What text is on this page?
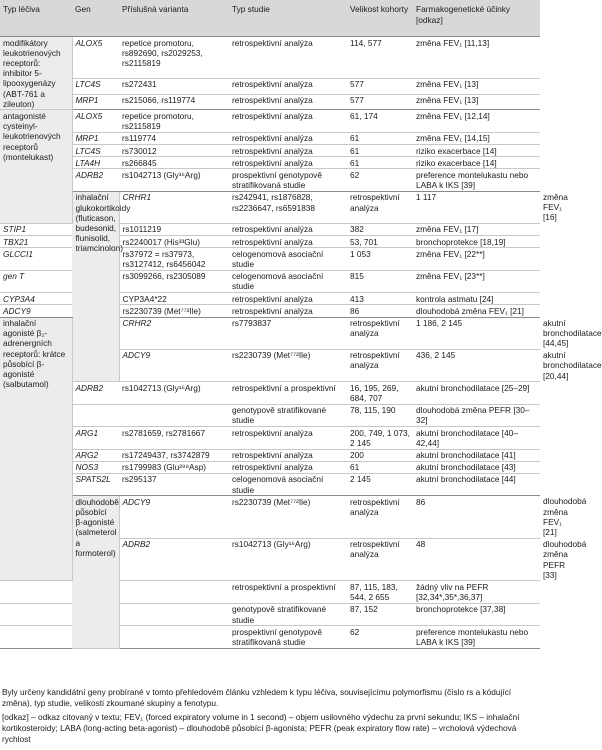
Typ léčiva	Gen	Příslušná varianta	Typ studie	Velikost kohorty	Farmakogenetické účinky [odkaz]	
modifikátory leukotrienových receptorů: inhibitor 5-lipooxygenázy (ABT-761 a zileuton)	ALOX5	repetice promotoru, rs892690, rs2029253, rs2115819	retrospektivní analýza	114, 577	změna FEV₁ [11,13]	
	LTC4S	rs272431	retrospektivní analýza	577	změna FEV₁ [13]	
	MRP1	rs215066, rs119774	retrospektivní analýza	577	změna FEV₁ [13]	
antagonisté cysteinyl-leukotrienových receptorů (montelukast)	ALOX5	repetice promotoru, rs2115819	retrospektivní analýza	61, 174	změna FEV₁ [12,14]	
	MRP1	rs119774	retrospektivní analýza	61	změna FEV₁ [14,15]	
	LTC4S	rs730012	retrospektivní analýza	61	riziko exacerbace [14]	
	LTA4H	rs266845	retrospektivní analýza	61	riziko exacerbace [14]	
	ADRB2	rs1042713 (Gly¹⁶Arg)	prospektivní genotypově stratifikovaná studie	62	preference montelukastu nebo LABA k IKS [39]	
	inhalační glukokortikoidy (fluticason, budesonid, flunisolid, triamcinolon)	CRHR1	rs242941, rs1876828, rs2236647, rs6591838	retrospektivní analýza	1 117	změna FEV₁ [16]
STIP1		rs1011219	retrospektivní analýza	382	změna FEV₁ [17]	
TBX21		rs2240017 (His³³Glu)	retrospektivní analýza	53, 701	bronchoprotekce [18,19]	
GLCCI1		rs37972 = rs37973, rs3127412, rs6456042	celogenomová asociační studie	1 053	změna FEV₁ [22**]	
gen T		rs3099266, rs2305089	celogenomová asociační studie	815	změna FEV₁ [23**]	
CYP3A4		CYP3A4*22	retrospektivní analýza	413	kontrola astmatu [24]	
ADCY9		rs2230739 (Met⁷⁷²Ile)	retrospektivní analýza	86	dlouhodobá změna FEV₁ [21]	
inhalační agonisté β₂-adrenergních receptorů: krátce působící β-agonisté (salbutamol)		CRHR2	rs7793837	retrospektivní analýza	1 186, 2 145	akutní bronchodilatace [44,45]
		ADCY9	rs2230739 (Met⁷⁷²Ile)	retrospektivní analýza	436, 2 145	akutní bronchodilatace [20,44]
	ADRB2	rs1042713 (Gly¹⁶Arg)	retrospektivní a prospektivní	16, 195, 269, 684, 707	akutní bronchodilatace [25–29]	
			genotypově stratifikované studie	78, 115, 190	dlouhodobá změna PEFR [30–32]	
	ARG1	rs2781659, rs2781667	retrospektivní analýza	200, 749, 1 073, 2 145	akutní bronchodilatace [40–42,44]	
	ARG2	rs17249437, rs3742879	retrospektivní analýza	200	akutní bronchodilatace [41]	
	NOS3	rs1799983 (Glu²⁹⁸Asp)	retrospektivní analýza	61	akutní bronchodilatace [43]	
	SPATS2L	rs295137	celogenomová asociační studie	2 145	akutní bronchodilatace [44]	
	dlouhodobě působící β-agonisté (salmeterol a formoterol)	ADCY9	rs2230739 (Met⁷⁷²Ile)	retrospektivní analýza	86	dlouhodobá změna FEV₁ [21]
		ADRB2	rs1042713 (Gly¹⁶Arg)	retrospektivní analýza	48	dlouhodobá změna PEFR [33]
			retrospektivní a prospektivní	87, 115, 183, 544, 2 655	žádný vliv na PEFR [32,34*,35*,36,37]	
			genotypově stratifikované studie	87, 152	bronchoprotekce [37,38]	
			prospektivní genotypově stratifikovaná studie	62	preference montelukastu nebo LABA k IKS [39]	
Byly určeny kandidátní geny probírané v tomto přehledovém článku vzhledem k typu léčiva, souvisejícímu polymorfismu (číslo rs a kódující změna), typ studie, velikosti zkoumané skupiny a fenotypu.
[odkaz] – odkaz citovaný v textu; FEV₁ (forced expiratory volume in 1 second) – objem usilovného výdechu za první sekundu; IKS – inhalační kortikosteroidy; LABA (long-acting beta-agonist) – dlouhodobě působící β-agonista; PEFR (peak expiratory flow rate) – vrcholová výdechová rychlost
